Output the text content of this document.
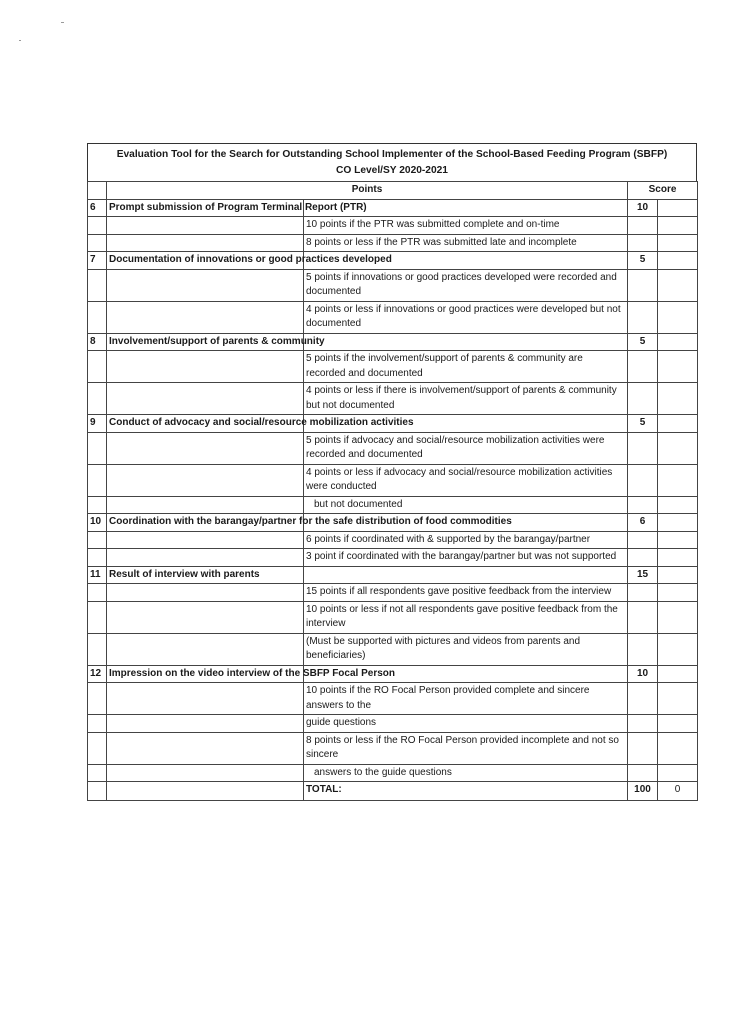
Evaluation Tool for the Search for Outstanding School Implementer of the School-Based Feeding Program (SBFP)
CO Level/SY 2020-2021
	Points		Score	
6	Prompt submission of Program Terminal Report (PTR)		10	
		10 points if the PTR was submitted complete and on-time		
		8 points or less if the PTR was submitted late and incomplete		
7	Documentation of innovations or good practices developed		5	
		5 points if innovations or good practices developed were recorded and documented		
		4 points or less if innovations or good practices were developed but not documented		
8	Involvement/support of parents & community		5	
		5 points if the involvement/support of parents & community are recorded and documented		
		4 points or less if there is involvement/support of parents & community but not documented		
9	Conduct of advocacy and social/resource mobilization activities		5	
		5 points if advocacy and social/resource mobilization activities were recorded and documented		
		4 points or less if advocacy and social/resource mobilization activities were conducted		
		but not documented		
10	Coordination with the barangay/partner for the safe distribution of food commodities		6	
		6 points if coordinated with & supported by the barangay/partner		
		3 point if coordinated with the barangay/partner but was not supported		
11	Result of interview with parents		15	
		15 points if all respondents gave positive feedback from the interview		
		10 points or less if not all respondents gave positive feedback from the interview		
		(Must be supported with pictures and videos from parents and beneficiaries)		
12	Impression on the video interview of the SBFP Focal Person		10	
		10 points if the RO Focal Person provided complete and sincere answers to the		
		guide questions		
		8 points or less if the RO Focal Person provided incomplete and not so sincere		
		answers to the guide questions		
		TOTAL:	100	0
